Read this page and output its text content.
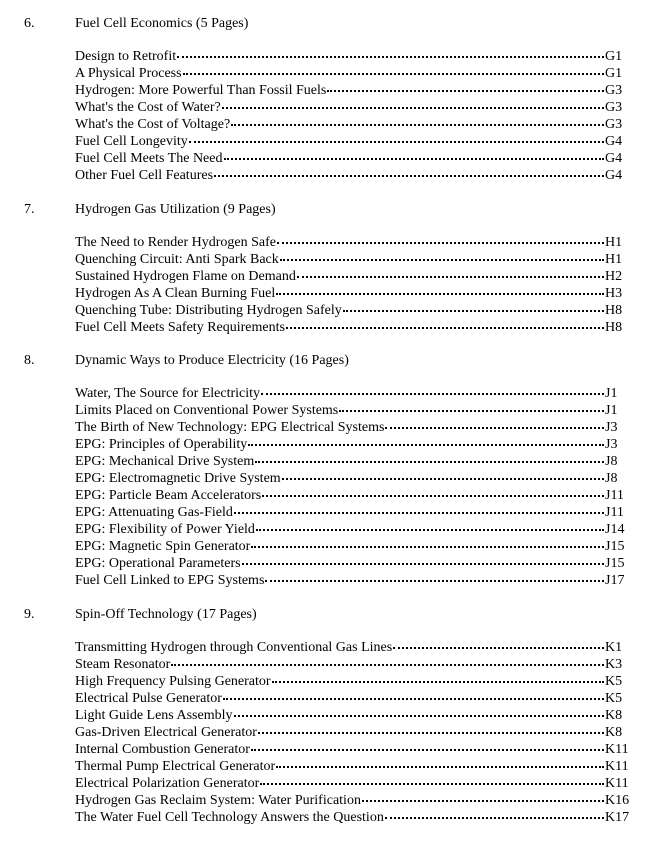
6.	Fuel Cell Economics (5 Pages)
Design to Retrofit	G1
A Physical Process	G1
Hydrogen: More Powerful Than Fossil Fuels	G3
What's the Cost of Water?	G3
What's the Cost of Voltage?	G3
Fuel Cell Longevity	G4
Fuel Cell Meets The Need	G4
Other Fuel Cell Features	G4
7.	Hydrogen Gas Utilization (9 Pages)
The Need to Render Hydrogen Safe	H1
Quenching Circuit: Anti Spark Back	H1
Sustained Hydrogen Flame on Demand	H2
Hydrogen As A Clean Burning Fuel	H3
Quenching Tube: Distributing Hydrogen Safely	H8
Fuel Cell Meets Safety Requirements	H8
8.	Dynamic Ways to Produce Electricity (16 Pages)
Water, The Source for Electricity	J1
Limits Placed on Conventional Power Systems	J1
The Birth of New Technology: EPG Electrical Systems	J3
EPG: Principles of Operability	J3
EPG: Mechanical Drive System	J8
EPG: Electromagnetic Drive System	J8
EPG: Particle Beam Accelerators	J11
EPG: Attenuating Gas-Field	J11
EPG: Flexibility of Power Yield	J14
EPG: Magnetic Spin Generator	J15
EPG: Operational Parameters	J15
Fuel Cell Linked to EPG Systems	J17
9.	Spin-Off Technology (17 Pages)
Transmitting Hydrogen through Conventional Gas Lines	K1
Steam Resonator	K3
High Frequency Pulsing Generator	K5
Electrical Pulse Generator	K5
Light Guide Lens Assembly	K8
Gas-Driven Electrical Generator	K8
Internal Combustion Generator	K11
Thermal Pump Electrical Generator	K11
Electrical Polarization Generator	K11
Hydrogen Gas Reclaim System: Water Purification	K16
The Water Fuel Cell Technology Answers the Question	K17
